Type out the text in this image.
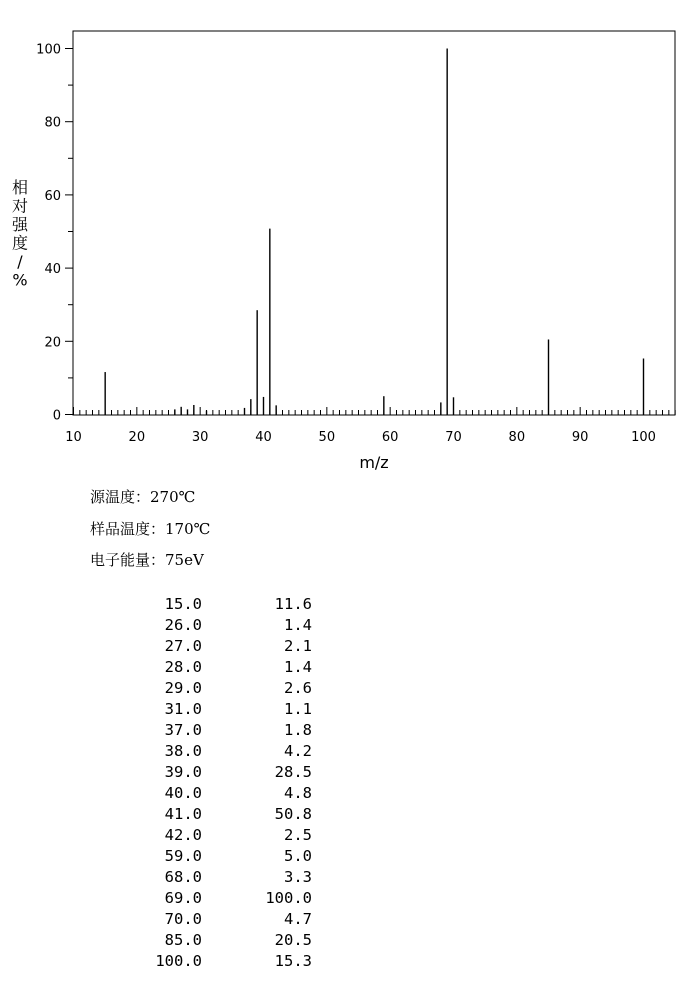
10	20	30	40	50	60	70	80	90	100
0
20
40
60
80
100
m/z
相对强度/ %
源温度：270℃
样品温度：170℃
电子能量：75eV
15.0	11.6
26.0	1.4
27.0	2.1
28.0	1.4
29.0	2.6
31.0	1.1
37.0	1.8
38.0	4.2
39.0	28.5
40.0	4.8
41.0	50.8
42.0	2.5
59.0	5.0
68.0	3.3
69.0	100.0
70.0	4.7
85.0	20.5
100.0	15.3
